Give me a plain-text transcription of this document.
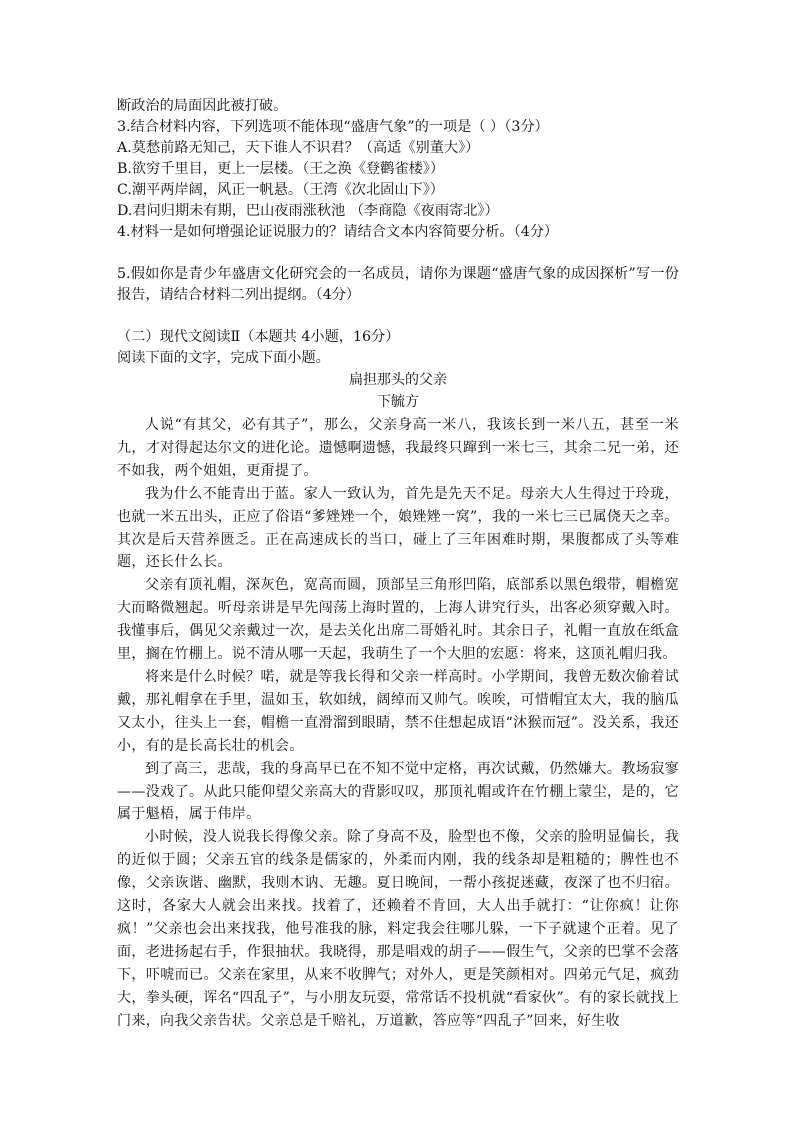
断政治的局面因此被打破。
3.结合材料内容，下列选项不能体现“盛唐气象”的一项是（ ）（3分）
A.莫愁前路无知己，天下谁人不识君？（高适《别董大》）
B.欲穷千里目，更上一层楼。（王之涣《登鹳雀楼》）
C.潮平两岸阔，风正一帆悬。（王湾《次北固山下》）
D.君问归期未有期，巴山夜雨涨秋池 （李商隐《夜雨寄北》）
4.材料一是如何增强论证说服力的？请结合文本内容简要分析。（4分）
5.假如你是青少年盛唐文化研究会的一名成员，请你为课题“盛唐气象的成因探析”写一份报告，请结合材料二列出提纲。（4分）
（二）现代文阅读Ⅱ（本题共 4小题，16分）
阅读下面的文字，完成下面小题。
扁担那头的父亲
下毓方

人说“有其父，必有其子”，那么，父亲身高一米八，我该长到一米八五，甚至一米九，才对得起达尔文的进化论。遗憾啊遗憾，我最终只蹿到一米七三，其余二兄一弟，还不如我，两个姐姐，更甭提了。

我为什么不能青出于蓝。家人一致认为，首先是先天不足。母亲大人生得过于玲珑，也就一米五出头，正应了俗语“爹矬矬一个，娘矬矬一窝”，我的一米七三已属侥天之幸。其次是后天营养匮乏。正在高速成长的当口，碰上了三年困难时期，果腹都成了头等难题，还长什么长。

父亲有顶礼帽，深灰色，宽高而圆，顶部呈三角形凹陷，底部系以黑色缎带，帽檐宽大而略微翘起。听母亲讲是早先闯荡上海时置的，上海人讲究行头，出客必须穿戴入时。我懂事后，偶见父亲戴过一次，是去关化出席二哥婚礼时。其余日子，礼帽一直放在纸盒里，搁在竹棚上。说不清从哪一天起，我萌生了一个大胆的宏愿：将来，这顶礼帽归我。

将来是什么时候？喏，就是等我长得和父亲一样高时。小学期间，我曾无数次偷着试戴，那礼帽拿在手里，温如玉，软如绒，阔绰而又帅气。唉唉，可惜帽宜太大，我的脑瓜又太小，往头上一套，帽檐一直滑溜到眼睛，禁不住想起成语“沐猴而冠”。没关系，我还小，有的是长高长壮的机会。

到了高三，悲哉，我的身高早已在不知不觉中定格，再次试戴，仍然嫌大。教场寂寥——没戏了。从此只能仰望父亲高大的背影叹叹，那顶礼帽或许在竹棚上蒙尘，是的，它属于魁梧，属于伟岸。

小时候，没人说我长得像父亲。除了身高不及，脸型也不像，父亲的脸明显偏长，我的近似于圆；父亲五官的线条是儒家的，外柔而内刚，我的线条却是粗糙的；脾性也不像，父亲诙谐、幽默，我则木讷、无趣。夏日晚间，一帮小孩捉迷藏，夜深了也不归宿。这时，各家大人就会出来找。找着了，还赖着不肯回，大人出手就打：“让你疯！让你疯！”父亲也会出来找我，他号准我的脉，料定我会往哪儿躲，一下子就逮个正着。见了面，老进扬起右手，作狠抽状。我晓得，那是唱戏的胡子——假生气，父亲的巴掌不会落下，吓唬而已。父亲在家里，从来不收脾气；对外人，更是笑颜相对。四弟元气足，疯劲大，拳头硬，诨名“四乱子”，与小朋友玩耍，常常话不投机就“看家伙”。有的家长就找上门来，向我父亲告状。父亲总是千赔礼，万道歉，答应等“四乱子”回来，好生收
